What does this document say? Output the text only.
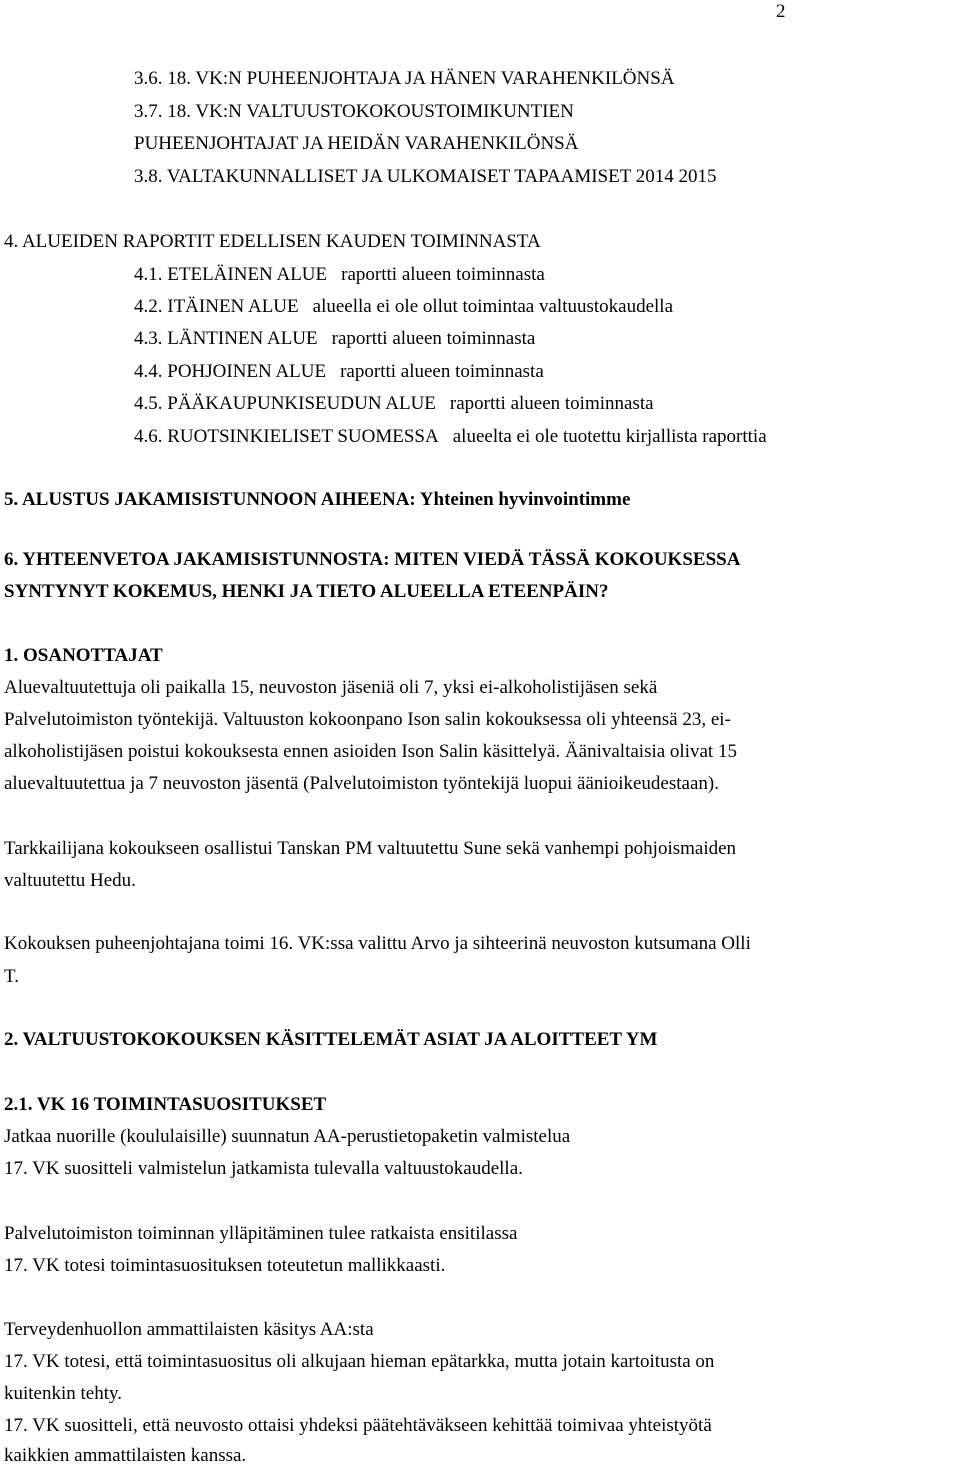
2
3.6. 18. VK:N PUHEENJOHTAJA JA HÄNEN VARAHENKILÖNSÄ
3.7. 18. VK:N VALTUUSTOKOKOUSTOIMIKUNTIEN
PUHEENJOHTAJAT JA HEIDÄN VARAHENKILÖNSÄ
3.8. VALTAKUNNALLISET JA ULKOMAISET TAPAAMISET 2014 2015
4. ALUEIDEN RAPORTIT EDELLISEN KAUDEN TOIMINNASTA
4.1. ETELÄINEN ALUE raportti alueen toiminnasta
4.2. ITÄINEN ALUE alueella ei ole ollut toimintaa valtuustokaudella
4.3. LÄNTINEN ALUE raportti alueen toiminnasta
4.4. POHJOINEN ALUE raportti alueen toiminnasta
4.5. PÄÄKAUPUNKISEUDUN ALUE raportti alueen toiminnasta
4.6. RUOTSINKIELISET SUOMESSA alueelta ei ole tuotettu kirjallista raporttia
5. ALUSTUS JAKAMISISTUNNOON AIHEENA: Yhteinen hyvinvointimme
6. YHTEENVETOA JAKAMISISTUNNOSTA: MITEN VIEDÄ TÄSSÄ KOKOUKSESSA
SYNTYNYT KOKEMUS, HENKI JA TIETO ALUEELLA ETEENPÄIN?
1. OSANOTTAJAT
Aluevaltuutettuja oli paikalla 15, neuvoston jäseniä oli 7, yksi ei-alkoholistijäsen sekä
Palvelutoimiston työntekijä. Valtuuston kokoonpano Ison salin kokouksessa oli yhteensä 23, ei-
alkoholistijäsen poistui kokouksesta ennen asioiden Ison Salin käsittelyä. Äänivaltaisia olivat 15
aluevaltuutettua ja 7 neuvoston jäsentä (Palvelutoimiston työntekijä luopui äänioikeudestaan).
Tarkkailijana kokoukseen osallistui Tanskan PM valtuutettu Sune sekä vanhempi pohjoismaiden
valtuutettu Hedu.
Kokouksen puheenjohtajana toimi 16. VK:ssa valittu Arvo ja sihteerinä neuvoston kutsumana Olli
T.
2. VALTUUSTOKOKOUKSEN KÄSITTELEMÄT ASIAT JA ALOITTEET YM
2.1. VK 16 TOIMINTASUOSITUKSET
Jatkaa nuorille (koululaisille) suunnatun AA-perustietopaketin valmistelua
17. VK suositteli valmistelun jatkamista tulevalla valtuustokaudella.
Palvelutoimiston toiminnan ylläpitäminen tulee ratkaista ensitilassa
17. VK totesi toimintasuosituksen toteutetun mallikkaasti.
Terveydenhuollon ammattilaisten käsitys AA:sta
17. VK totesi, että toimintasuositus oli alkujaan hieman epätarkka, mutta jotain kartoitusta on
kuitenkin tehty.
17. VK suositteli, että neuvosto ottaisi yhdeksi päätehtäväkseen kehittää toimivaa yhteistyötä
kaikkien ammattilaisten kanssa.
